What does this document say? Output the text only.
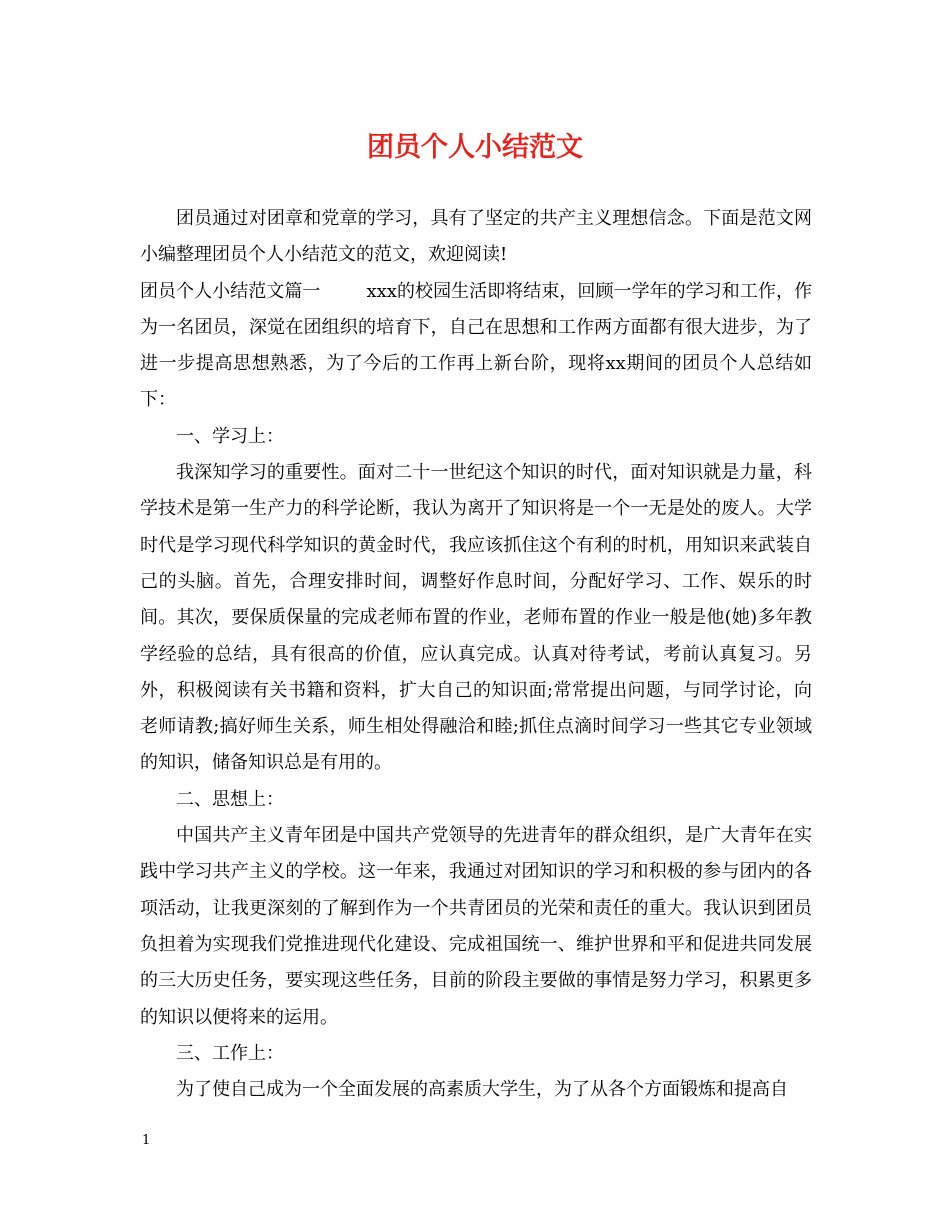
团员个人小结范文

团员通过对团章和党章的学习，具有了坚定的共产主义理想信念。下面是范文网小编整理团员个人小结范文的范文，欢迎阅读!

团员个人小结范文篇一	xxx的校园生活即将结束，回顾一学年的学习和工作，作为一名团员，深觉在团组织的培育下，自己在思想和工作两方面都有很大进步，为了进一步提高思想熟悉，为了今后的工作再上新台阶，现将xx期间的团员个人总结如下：

一、学习上：

我深知学习的重要性。面对二十一世纪这个知识的时代，面对知识就是力量，科学技术是第一生产力的科学论断，我认为离开了知识将是一个一无是处的废人。大学时代是学习现代科学知识的黄金时代，我应该抓住这个有利的时机，用知识来武装自己的头脑。首先，合理安排时间，调整好作息时间，分配好学习、工作、娱乐的时间。其次，要保质保量的完成老师布置的作业，老师布置的作业一般是他(她)多年教学经验的总结，具有很高的价值，应认真完成。认真对待考试，考前认真复习。另外，积极阅读有关书籍和资料，扩大自己的知识面;常常提出问题，与同学讨论，向老师请教;搞好师生关系，师生相处得融洽和睦;抓住点滴时间学习一些其它专业领域的知识，储备知识总是有用的。

二、思想上：

中国共产主义青年团是中国共产党领导的先进青年的群众组织，是广大青年在实践中学习共产主义的学校。这一年来，我通过对团知识的学习和积极的参与团内的各项活动，让我更深刻的了解到作为一个共青团员的光荣和责任的重大。我认识到团员负担着为实现我们党推进现代化建设、完成祖国统一、维护世界和平和促进共同发展的三大历史任务，要实现这些任务，目前的阶段主要做的事情是努力学习，积累更多的知识以便将来的运用。

三、工作上：

为了使自己成为一个全面发展的高素质大学生，为了从各个方面锻炼和提高自

1
